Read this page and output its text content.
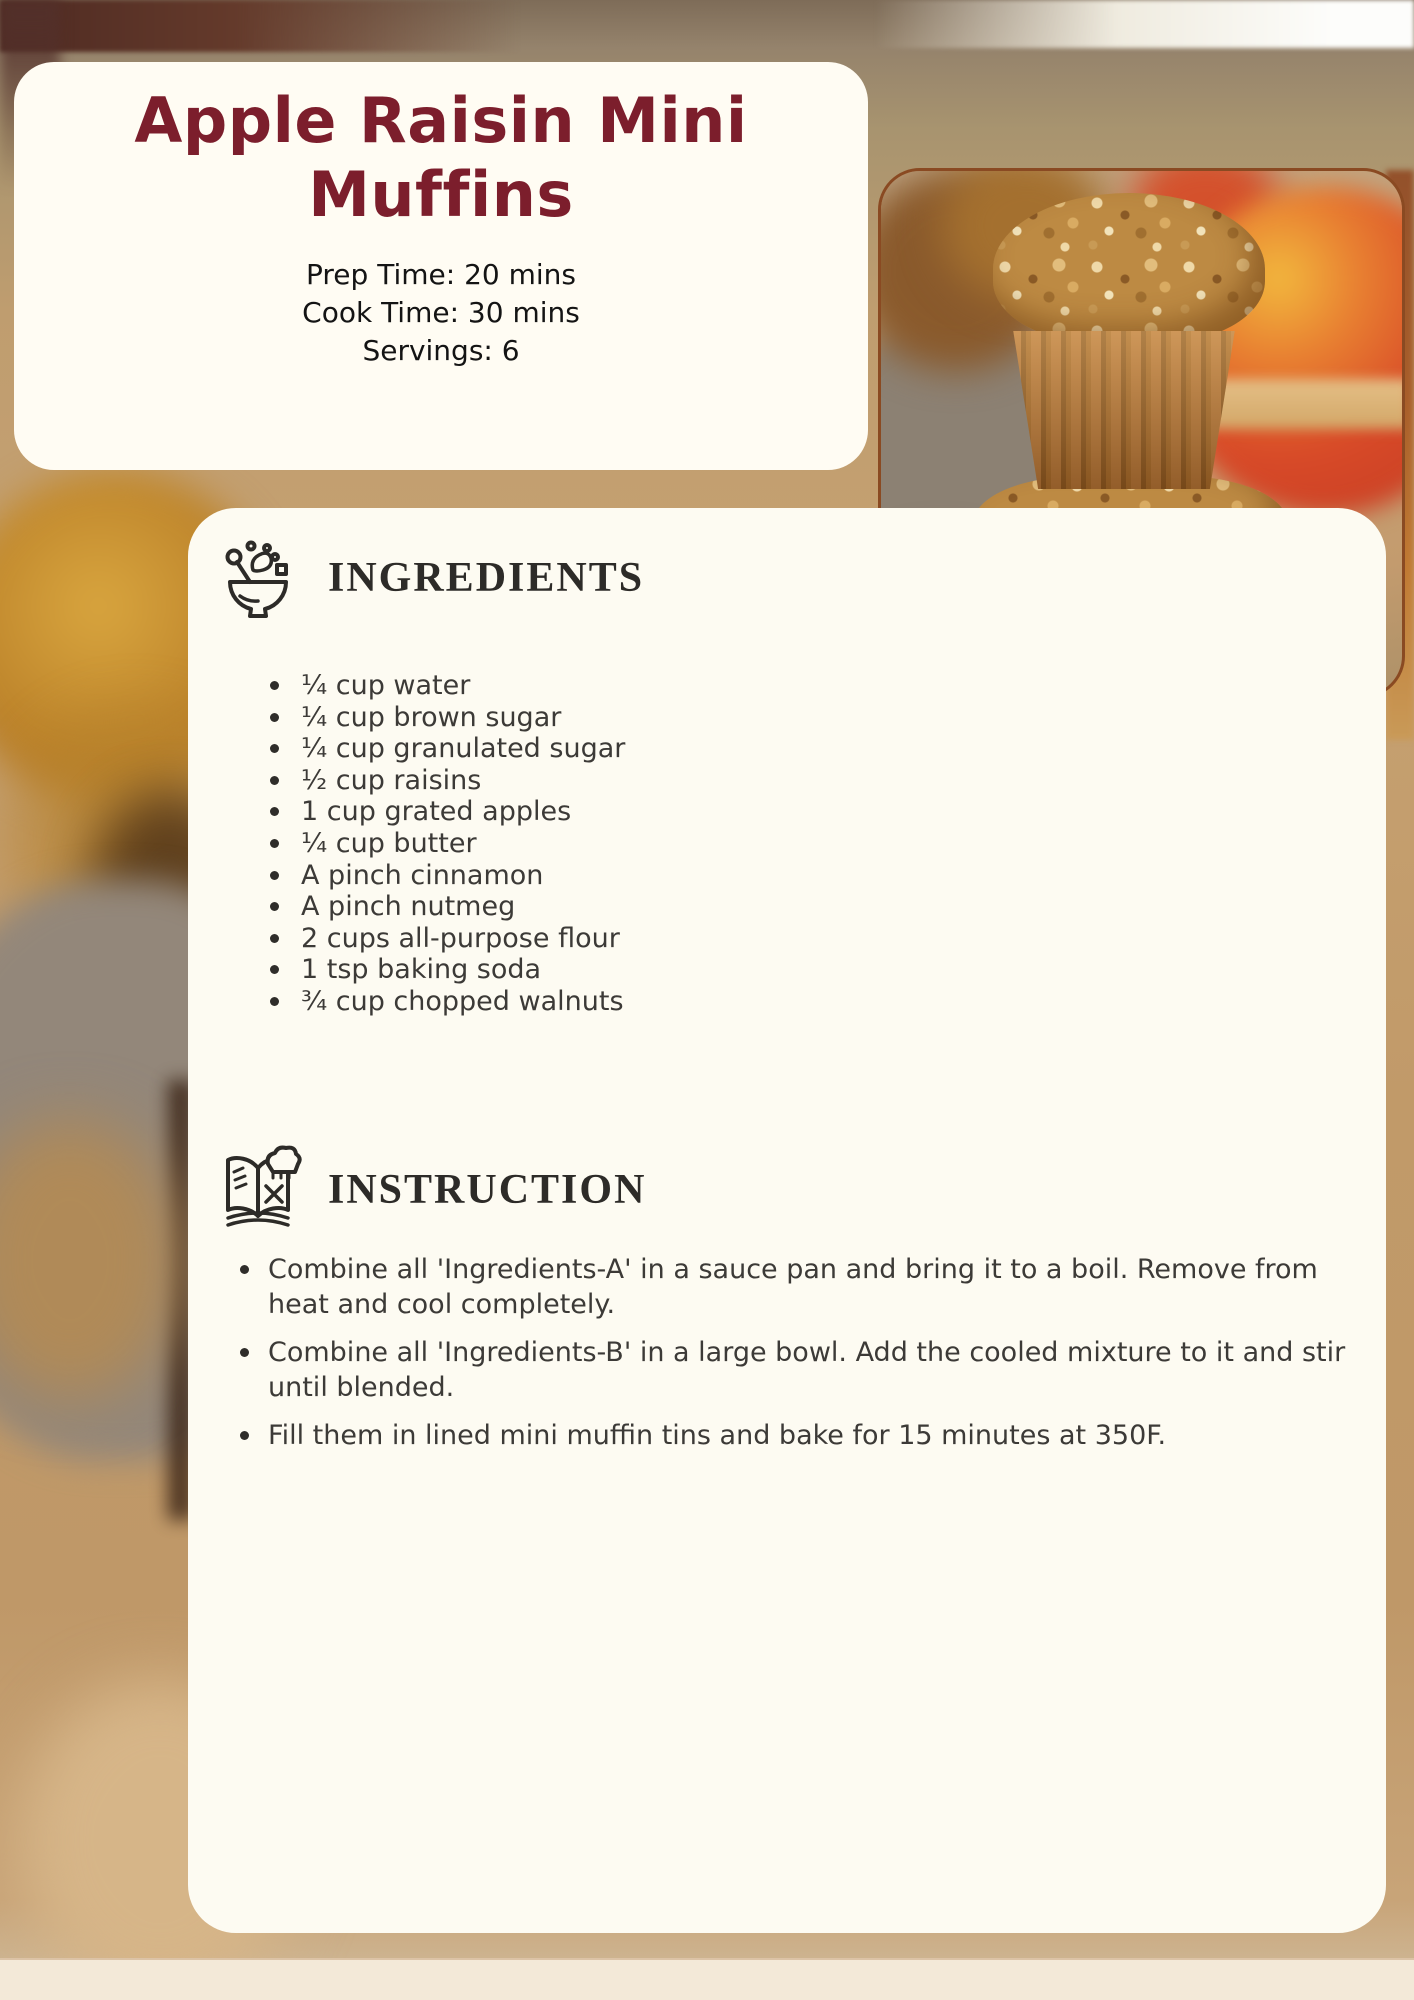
Apple Raisin Mini Muffins
Prep Time: 20 mins
Cook Time: 30 mins
Servings: 6
INGREDIENTS
¼ cup water
¼ cup brown sugar
¼ cup granulated sugar
½ cup raisins
1 cup grated apples
¼ cup butter
A pinch cinnamon
A pinch nutmeg
2 cups all-purpose flour
1 tsp baking soda
¾ cup chopped walnuts
INSTRUCTION
Combine all 'Ingredients-A' in a sauce pan and bring it to a boil. Remove from heat and cool completely.
Combine all 'Ingredients-B' in a large bowl. Add the cooled mixture to it and stir until blended.
Fill them in lined mini muffin tins and bake for 15 minutes at 350F.
